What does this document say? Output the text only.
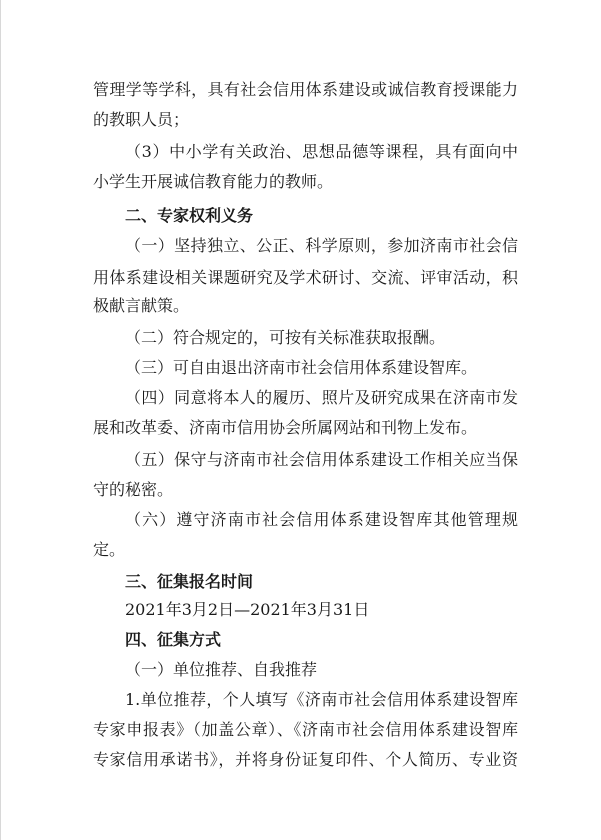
管理学等学科，具有社会信用体系建设或诚信教育授课能力
的教职人员；
（3）中小学有关政治、思想品德等课程，具有面向中
小学生开展诚信教育能力的教师。
二、专家权利义务
（一）坚持独立、公正、科学原则，参加济南市社会信
用体系建设相关课题研究及学术研讨、交流、评审活动，积
极献言献策。
（二）符合规定的，可按有关标准获取报酬。
（三）可自由退出济南市社会信用体系建设智库。
（四）同意将本人的履历、照片及研究成果在济南市发
展和改革委、济南市信用协会所属网站和刊物上发布。
（五）保守与济南市社会信用体系建设工作相关应当保
守的秘密。
（六）遵守济南市社会信用体系建设智库其他管理规
定。
三、征集报名时间
2021年3月2日—2021年3月31日
四、征集方式
（一）单位推荐、自我推荐
1.单位推荐，个人填写《济南市社会信用体系建设智库
专家申报表》（加盖公章）、《济南市社会信用体系建设智库
专家信用承诺书》，并将身份证复印件、个人简历、专业资
